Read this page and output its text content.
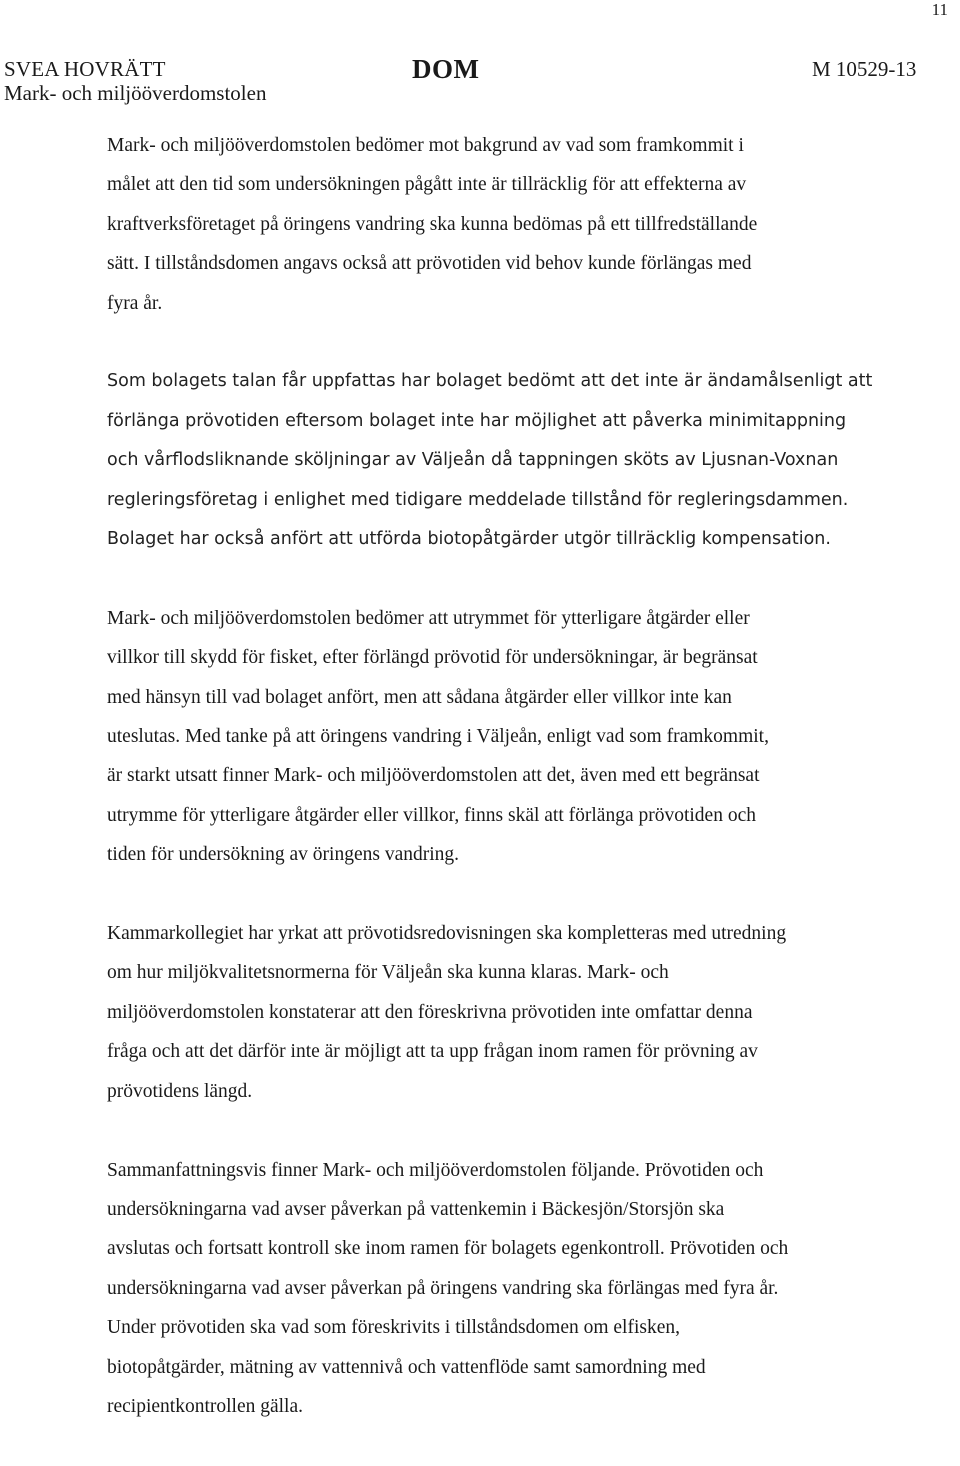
11
SVEA HOVRÄTT
Mark- och miljööverdomstolen
DOM	M 10529-13
Mark- och miljööverdomstolen bedömer mot bakgrund av vad som framkommit i
målet att den tid som undersökningen pågått inte är tillräcklig för att effekterna av
kraftverksföretaget på öringens vandring ska kunna bedömas på ett tillfredställande
sätt. I tillståndsdomen angavs också att prövotiden vid behov kunde förlängas med
fyra år.
Som bolagets talan får uppfattas har bolaget bedömt att det inte är ändamålsenligt att
förlänga prövotiden eftersom bolaget inte har möjlighet att påverka minimitappning
och vårflodsliknande sköljningar av Väljeån då tappningen sköts av Ljusnan-Voxnan
regleringsföretag i enlighet med tidigare meddelade tillstånd för regleringsdammen.
Bolaget har också anfört att utförda biotopåtgärder utgör tillräcklig kompensation.
Mark- och miljööverdomstolen bedömer att utrymmet för ytterligare åtgärder eller
villkor till skydd för fisket, efter förlängd prövotid för undersökningar, är begränsat
med hänsyn till vad bolaget anfört, men att sådana åtgärder eller villkor inte kan
uteslutas. Med tanke på att öringens vandring i Väljeån, enligt vad som framkommit,
är starkt utsatt finner Mark- och miljööverdomstolen att det, även med ett begränsat
utrymme för ytterligare åtgärder eller villkor, finns skäl att förlänga prövotiden och
tiden för undersökning av öringens vandring.
Kammarkollegiet har yrkat att prövotidsredovisningen ska kompletteras med utredning
om hur miljökvalitetsnormerna för Väljeån ska kunna klaras. Mark- och
miljööverdomstolen konstaterar att den föreskrivna prövotiden inte omfattar denna
fråga och att det därför inte är möjligt att ta upp frågan inom ramen för prövning av
prövotidens längd.
Sammanfattningsvis finner Mark- och miljööverdomstolen följande. Prövotiden och
undersökningarna vad avser påverkan på vattenkemin i Bäckesjön/Storsjön ska
avslutas och fortsatt kontroll ske inom ramen för bolagets egenkontroll. Prövotiden och
undersökningarna vad avser påverkan på öringens vandring ska förlängas med fyra år.
Under prövotiden ska vad som föreskrivits i tillståndsdomen om elfisken,
biotopåtgärder, mätning av vattennivå och vattenflöde samt samordning med
recipientkontrollen gälla.
